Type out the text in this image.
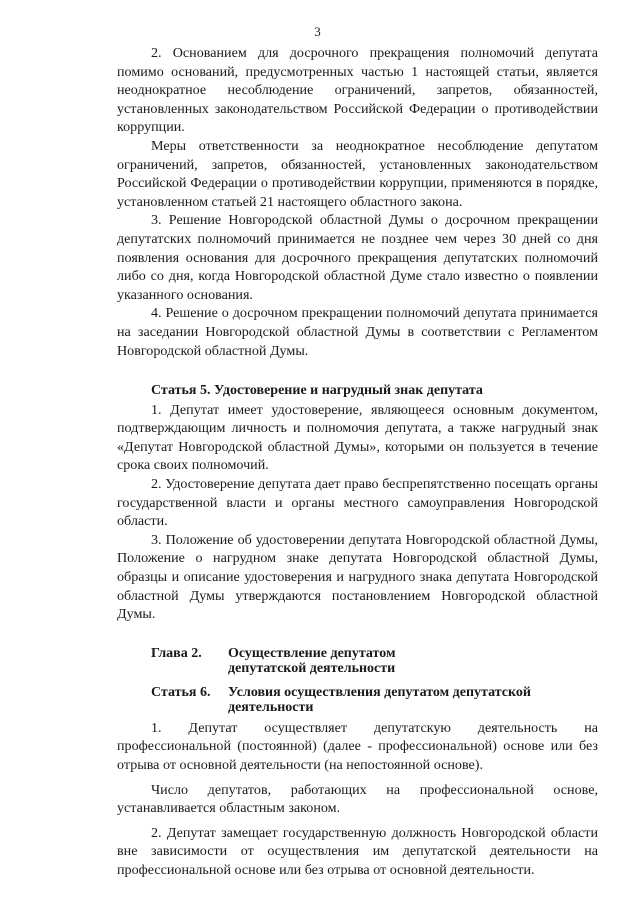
3

2. Основанием для досрочного прекращения полномочий депутата помимо оснований, предусмотренных частью 1 настоящей статьи, является неоднократное несоблюдение ограничений, запретов, обязанностей, установленных законодательством Российской Федерации о противодействии коррупции.

Меры ответственности за неоднократное несоблюдение депутатом ограничений, запретов, обязанностей, установленных законодательством Российской Федерации о противодействии коррупции, применяются в порядке, установленном статьей 21 настоящего областного закона.

3. Решение Новгородской областной Думы о досрочном прекращении депутатских полномочий принимается не позднее чем через 30 дней со дня появления основания для досрочного прекращения депутатских полномочий либо со дня, когда Новгородской областной Думе стало известно о появлении указанного основания.

4. Решение о досрочном прекращении полномочий депутата принимается на заседании Новгородской областной Думы в соответствии с Регламентом Новгородской областной Думы.

Статья 5. Удостоверение и нагрудный знак депутата

1. Депутат имеет удостоверение, являющееся основным документом, подтверждающим личность и полномочия депутата, а также нагрудный знак «Депутат Новгородской областной Думы», которыми он пользуется в течение срока своих полномочий.

2. Удостоверение депутата дает право беспрепятственно посещать органы государственной власти и органы местного самоуправления Новгородской области.

3. Положение об удостоверении депутата Новгородской областной Думы, Положение о нагрудном знаке депутата Новгородской областной Думы, образцы и описание удостоверения и нагрудного знака депутата Новгородской областной Думы утверждаются постановлением Новгородской областной Думы.

Глава 2.	Осуществление депутатом
депутатской деятельности
Статья 6.	Условия осуществления депутатом депутатской
деятельности

1. Депутат осуществляет депутатскую деятельность на профессиональной (постоянной) (далее - профессиональной) основе или без отрыва от основной деятельности (на непостоянной основе).

Число депутатов, работающих на профессиональной основе, устанавливается областным законом.

2. Депутат замещает государственную должность Новгородской области вне зависимости от осуществления им депутатской деятельности на профессиональной основе или без отрыва от основной деятельности.
